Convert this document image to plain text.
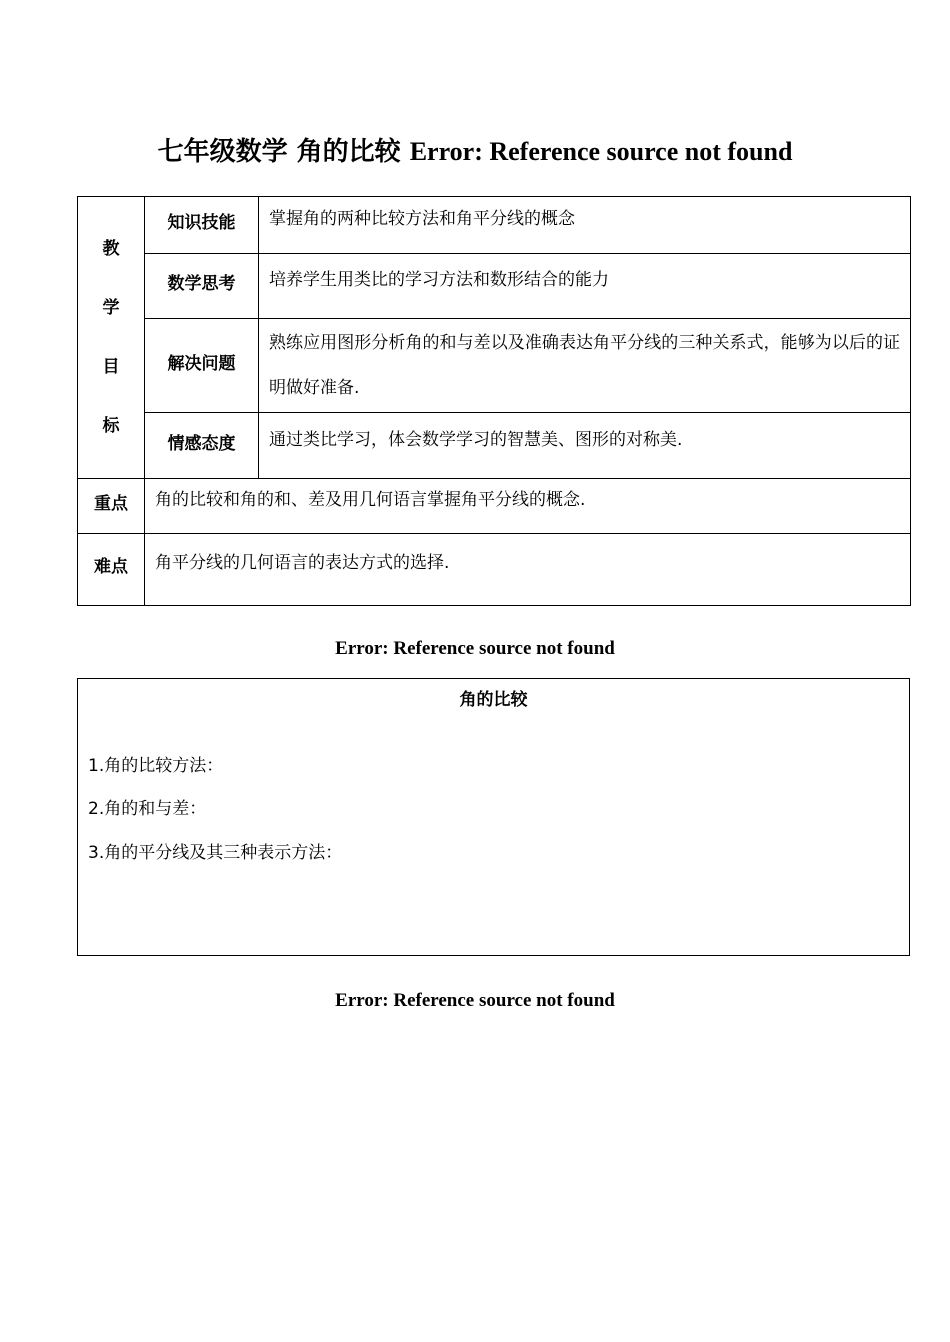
七年级数学 角的比较 Error: Reference source not found
教
学
目
标	知识技能	掌握角的两种比较方法和角平分线的概念
	数学思考	培养学生用类比的学习方法和数形结合的能力
	解决问题	熟练应用图形分析角的和与差以及准确表达角平分线的三种关系式，能够为以后的证明做好准备.
	情感态度	通过类比学习，体会数学学习的智慧美、图形的对称美.
重点	角的比较和角的和、差及用几何语言掌握角平分线的概念.	
难点	角平分线的几何语言的表达方式的选择.	
Error: Reference source not found
角的比较
1.角的比较方法：
2.角的和与差：
3.角的平分线及其三种表示方法：
Error: Reference source not found
